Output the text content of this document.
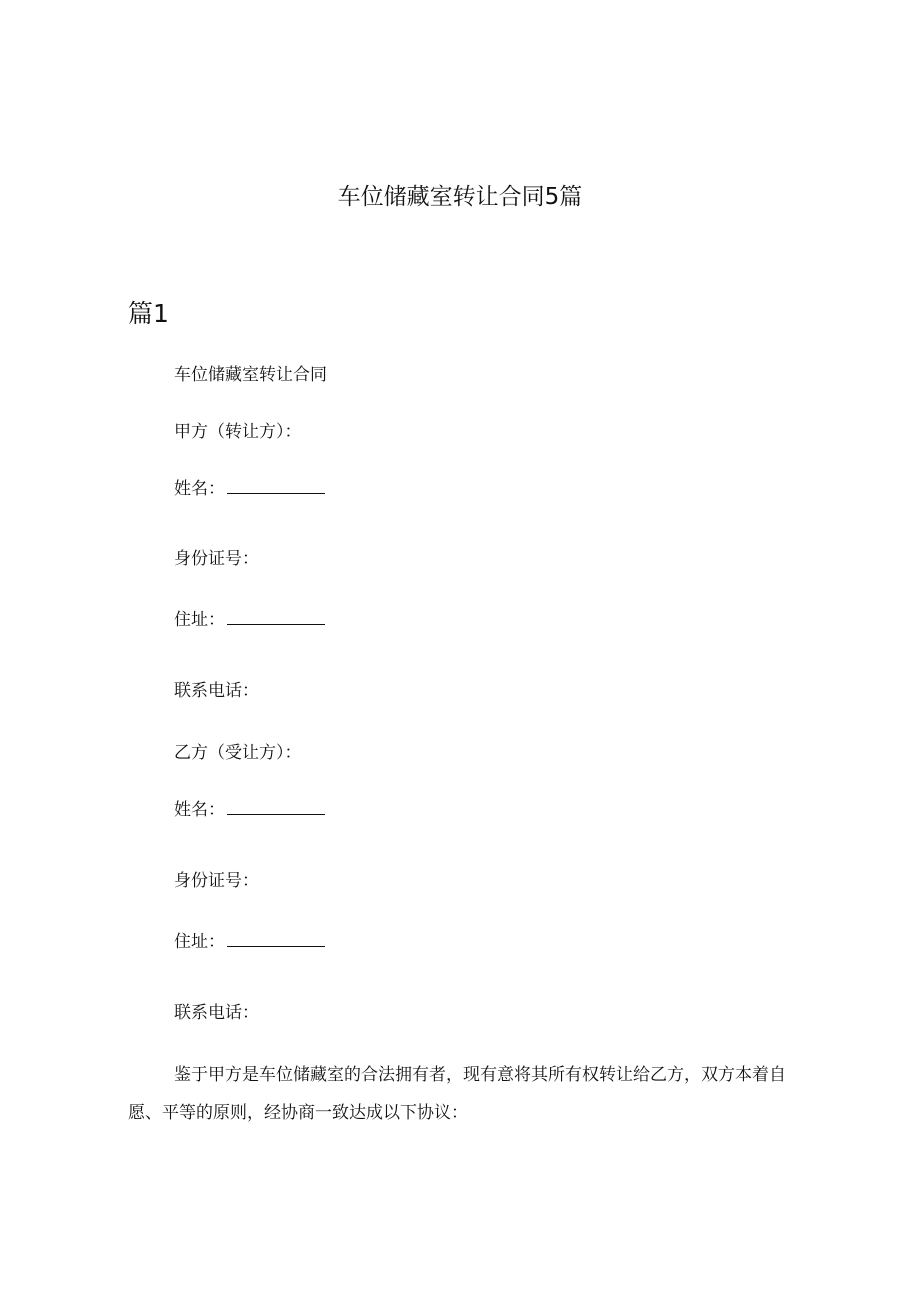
车位储藏室转让合同5篇
篇1
车位储藏室转让合同
甲方（转让方）：
姓名：
身份证号：
住址：
联系电话：
乙方（受让方）：
姓名：
身份证号：
住址：
联系电话：

鉴于甲方是车位储藏室的合法拥有者，现有意将其所有权转让给乙方，双方本着自愿、平等的原则，经协商一致达成以下协议：
